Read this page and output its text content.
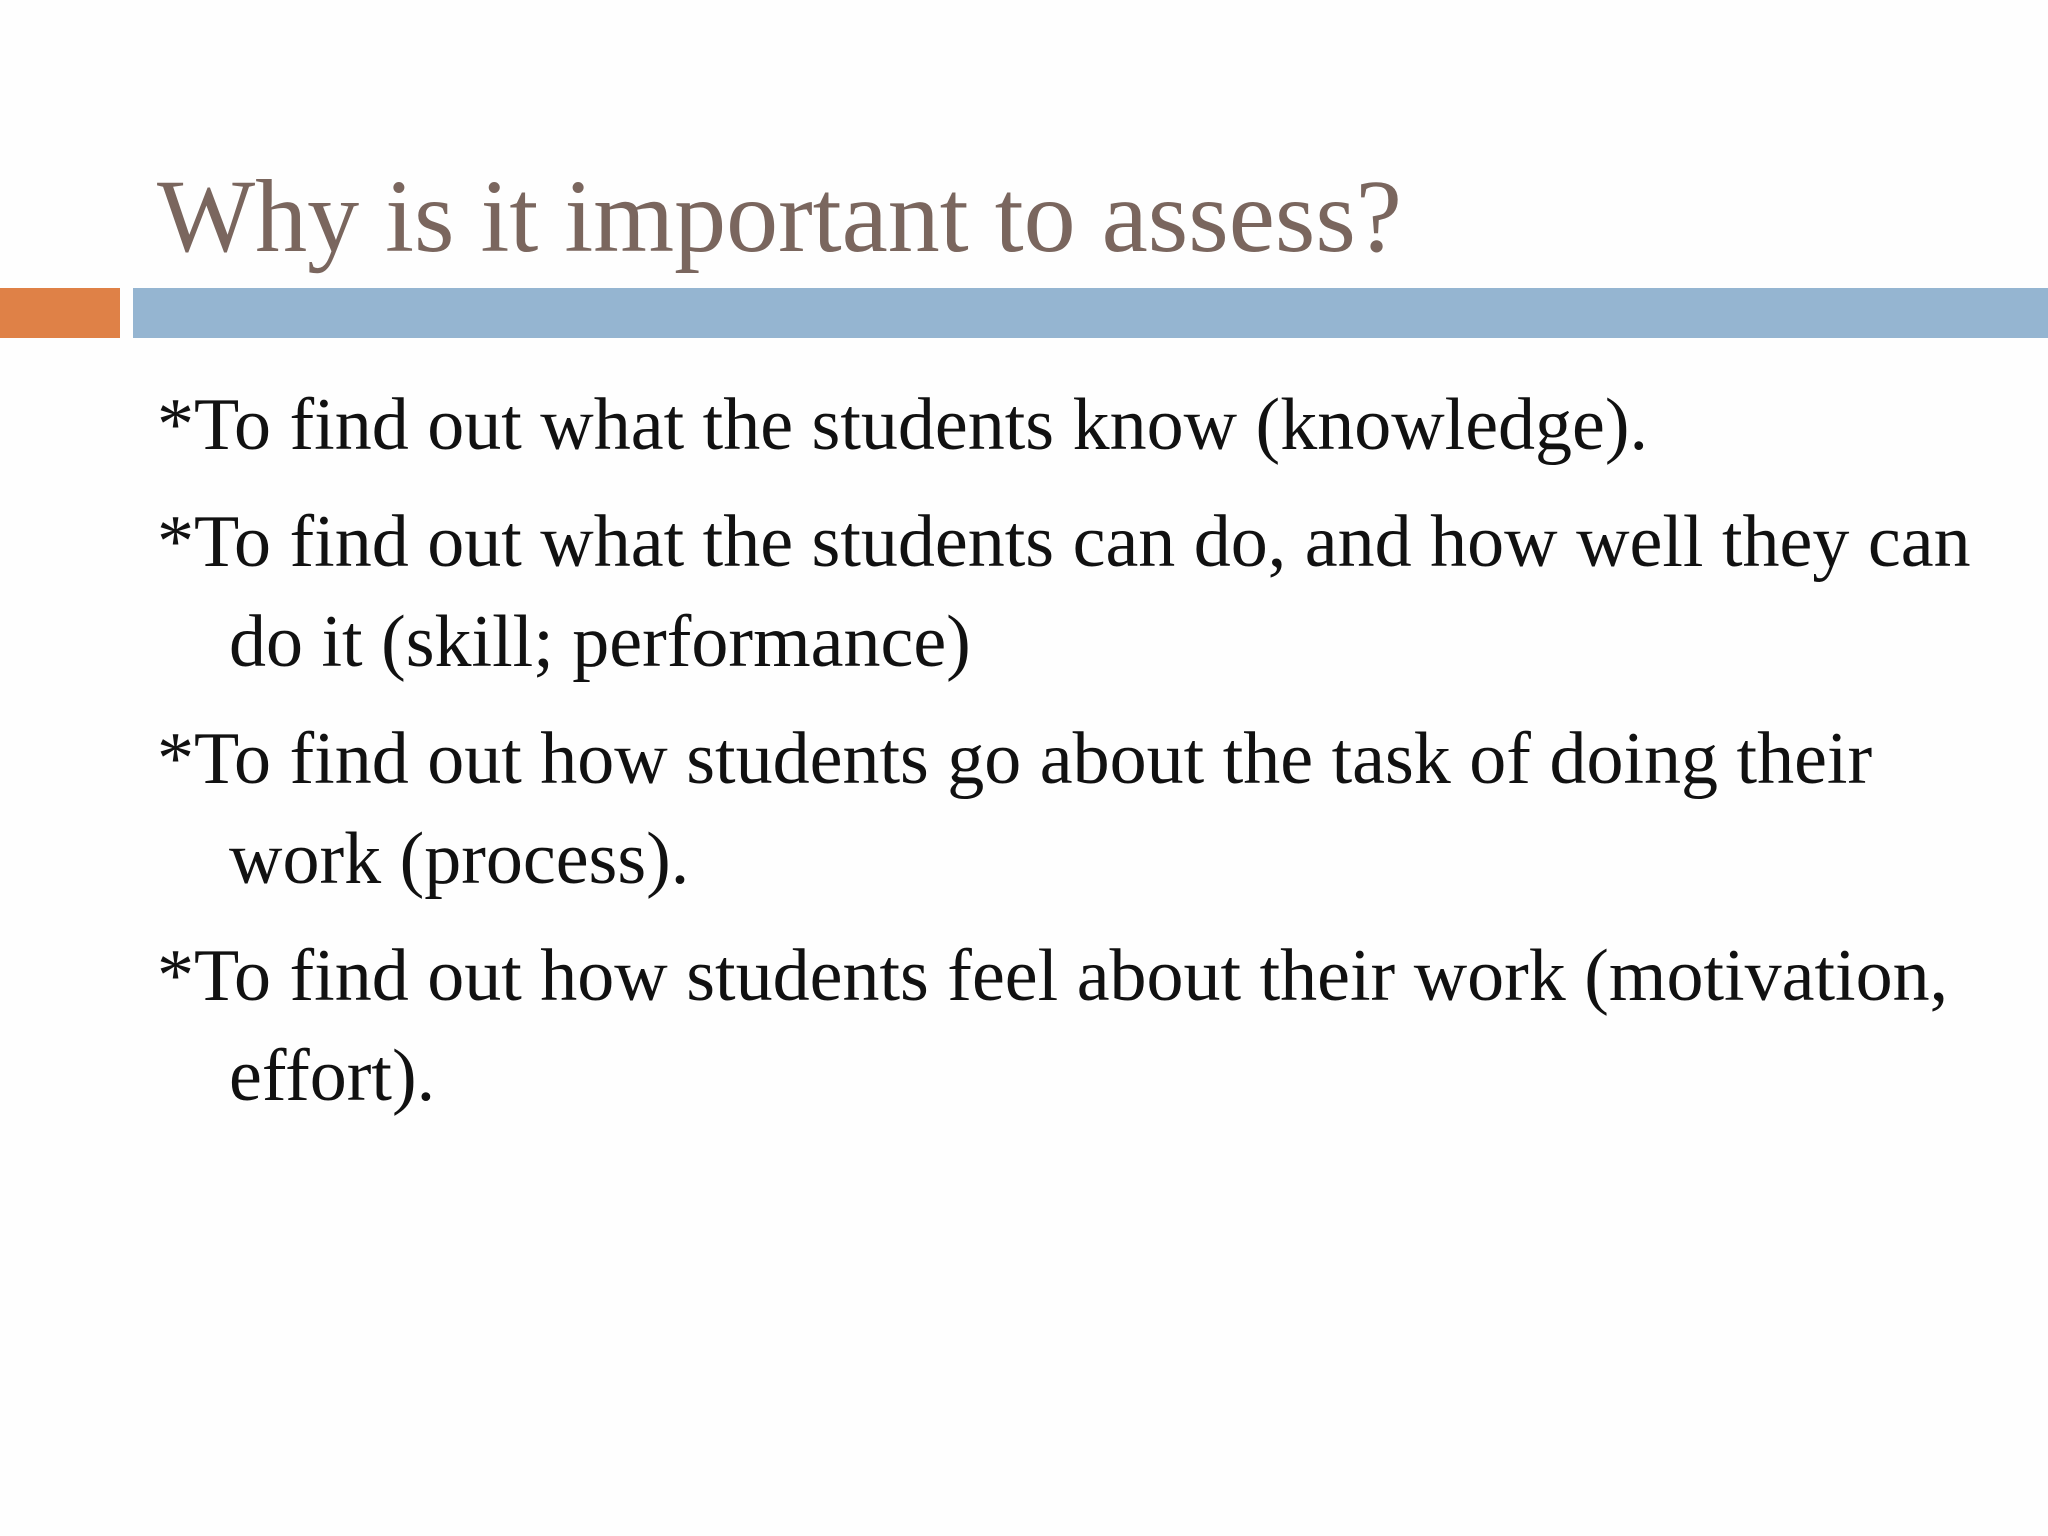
Why is it important to assess?
*To find out what the students know (knowledge).
*To find out what the students can do, and how well they can do it (skill; performance)
*To find out how students go about the task of doing their work (process).
*To find out how students feel about their work (motivation, effort).
